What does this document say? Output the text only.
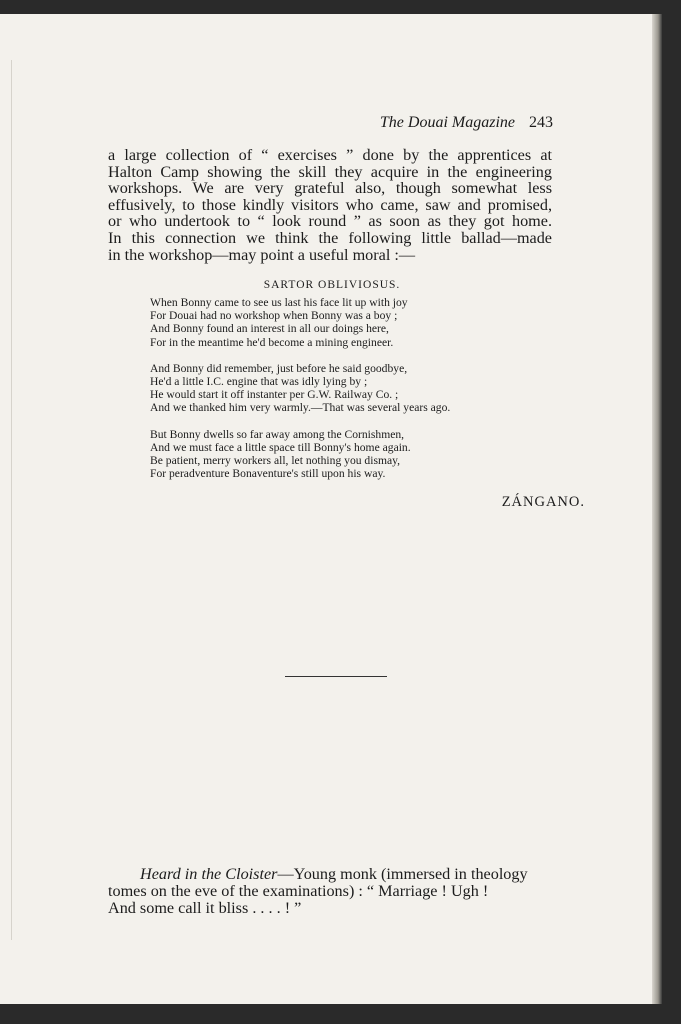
The Douai Magazine 243
a large collection of “ exercises ” done by the apprentices at
Halton Camp showing the skill they acquire in the engineering
workshops. We are very grateful also, though somewhat less
effusively, to those kindly visitors who came, saw and promised,
or who undertook to “ look round ” as soon as they got home.
In this connection we think the following little ballad—made
in the workshop—may point a useful moral :—
SARTOR OBLIVIOSUS.
When Bonny came to see us last his face lit up with joy
For Douai had no workshop when Bonny was a boy ;
And Bonny found an interest in all our doings here,
For in the meantime he'd become a mining engineer.
And Bonny did remember, just before he said goodbye,
He'd a little I.C. engine that was idly lying by ;
He would start it off instanter per G.W. Railway Co. ;
And we thanked him very warmly.—That was several years ago.
But Bonny dwells so far away among the Cornishmen,
And we must face a little space till Bonny's home again.
Be patient, merry workers all, let nothing you dismay,
For peradventure Bonaventure's still upon his way.
ZÁNGANO.
Heard in the Cloister—Young monk (immersed in theology
tomes on the eve of the examinations) : “ Marriage ! Ugh !
And some call it bliss . . . . ! ”
